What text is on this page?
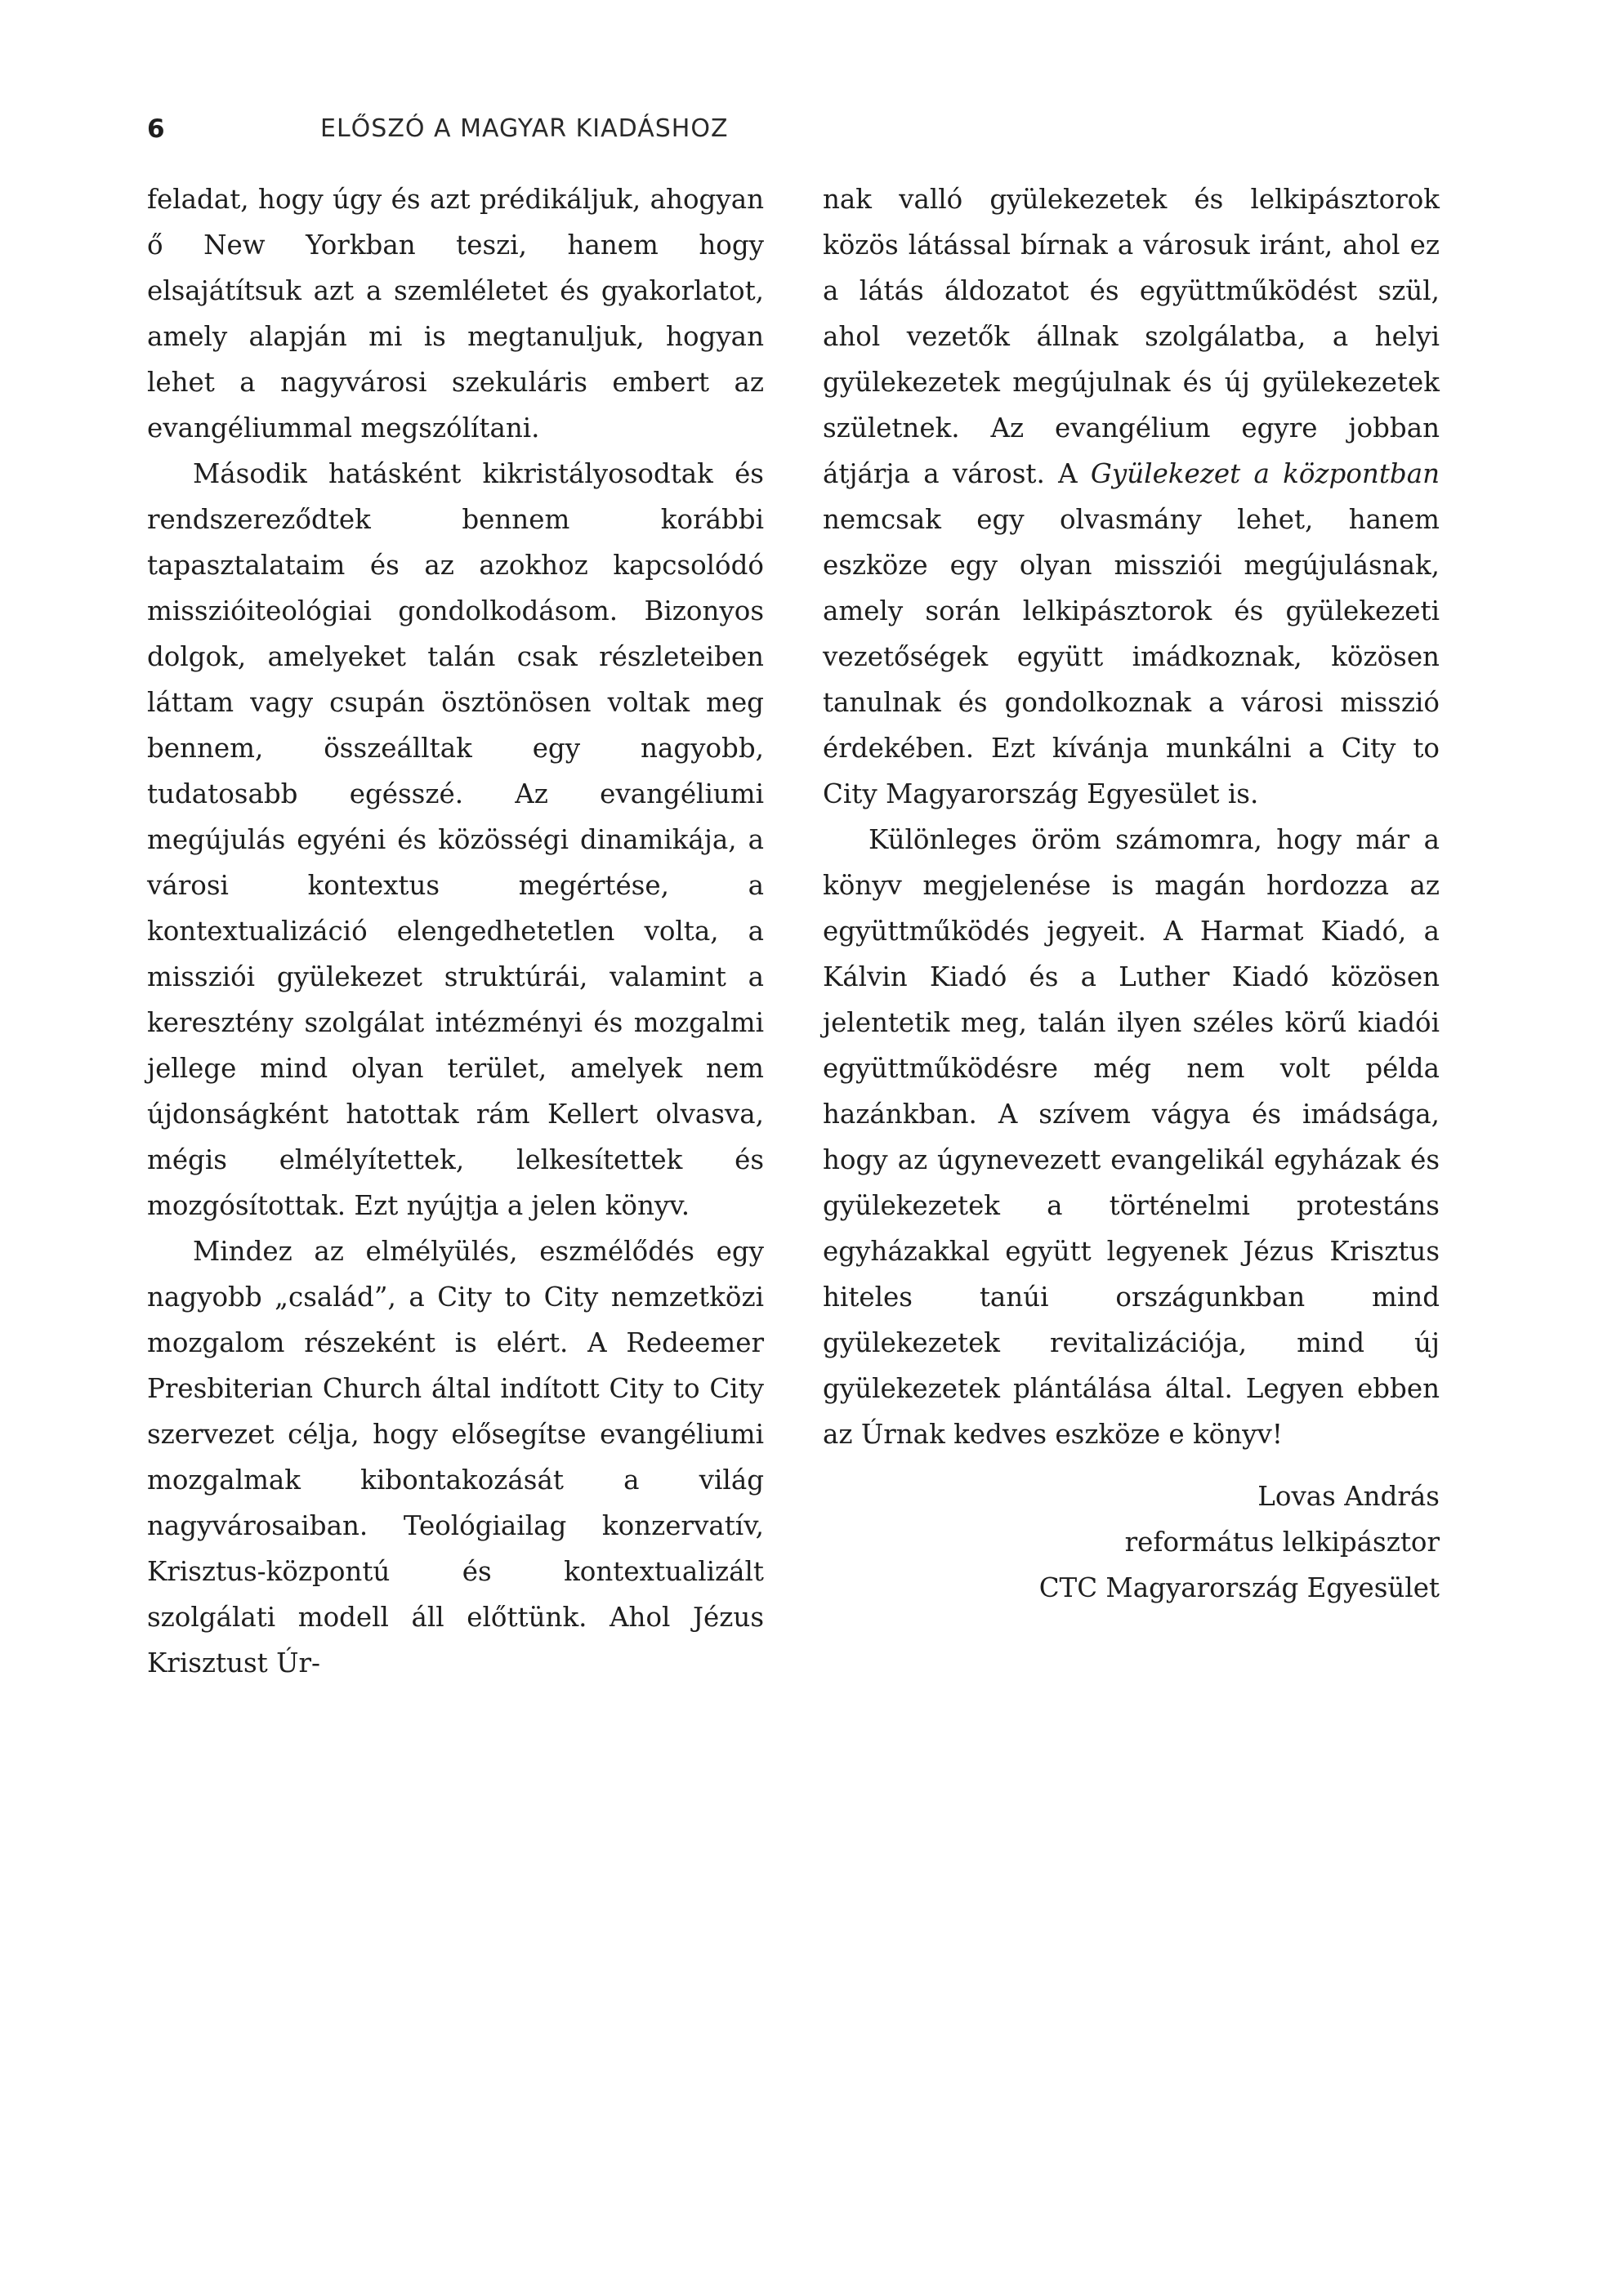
6	ELŐSZÓ A MAGYAR KIADÁSHOZ

feladat, hogy úgy és azt prédikáljuk, ahogyan ő New Yorkban teszi, hanem hogy elsajátítsuk azt a szemléletet és gyakorlatot, amely alapján mi is megtanuljuk, hogyan lehet a nagyvárosi szekuláris embert az evangéliummal megszólítani.

Második hatásként kikristályosodtak és rendszereződtek bennem korábbi tapasztalataim és az azokhoz kapcsolódó misszióiteológiai gondolkodásom. Bizonyos dolgok, amelyeket talán csak részleteiben láttam vagy csupán ösztönösen voltak meg bennem, összeálltak egy nagyobb, tudatosabb egésszé. Az evangéliumi megújulás egyéni és közösségi dinamikája, a városi kontextus megértése, a kontextualizáció elengedhetetlen volta, a missziói gyülekezet struktúrái, valamint a keresztény szolgálat intézményi és mozgalmi jellege mind olyan terület, amelyek nem újdonságként hatottak rám Kellert olvasva, mégis elmélyítettek, lelkesítettek és mozgósítottak. Ezt nyújtja a jelen könyv.

Mindez az elmélyülés, eszmélődés egy nagyobb „család”, a City to City nemzetközi mozgalom részeként is elért. A Redeemer Presbiterian Church által indított City to City szervezet célja, hogy elősegítse evangéliumi mozgalmak kibontakozását a világ nagyvárosaiban. Teológiailag konzervatív, Krisztus-központú és kontextualizált szolgálati modell áll előttünk. Ahol Jézus Krisztust Úr-

nak valló gyülekezetek és lelkipásztorok közös látással bírnak a városuk iránt, ahol ez a látás áldozatot és együttműködést szül, ahol vezetők állnak szolgálatba, a helyi gyülekezetek megújulnak és új gyülekezetek születnek. Az evangélium egyre jobban átjárja a várost. A Gyülekezet a központban nemcsak egy olvasmány lehet, hanem eszköze egy olyan missziói megújulásnak, amely során lelkipásztorok és gyülekezeti vezetőségek együtt imádkoznak, közösen tanulnak és gondolkoznak a városi misszió érdekében. Ezt kívánja munkálni a City to City Magyarország Egyesület is.

Különleges öröm számomra, hogy már a könyv megjelenése is magán hordozza az együttműködés jegyeit. A Harmat Kiadó, a Kálvin Kiadó és a Luther Kiadó közösen jelentetik meg, talán ilyen széles körű kiadói együttműködésre még nem volt példa hazánkban. A szívem vágya és imádsága, hogy az úgynevezett evangelikál egyházak és gyülekezetek a történelmi protestáns egyházakkal együtt legyenek Jézus Krisztus hiteles tanúi országunkban mind gyülekezetek revitalizációja, mind új gyülekezetek plántálása által. Legyen ebben az Úrnak kedves eszköze e könyv!

Lovas András
református lelkipásztor
CTC Magyarország Egyesület
